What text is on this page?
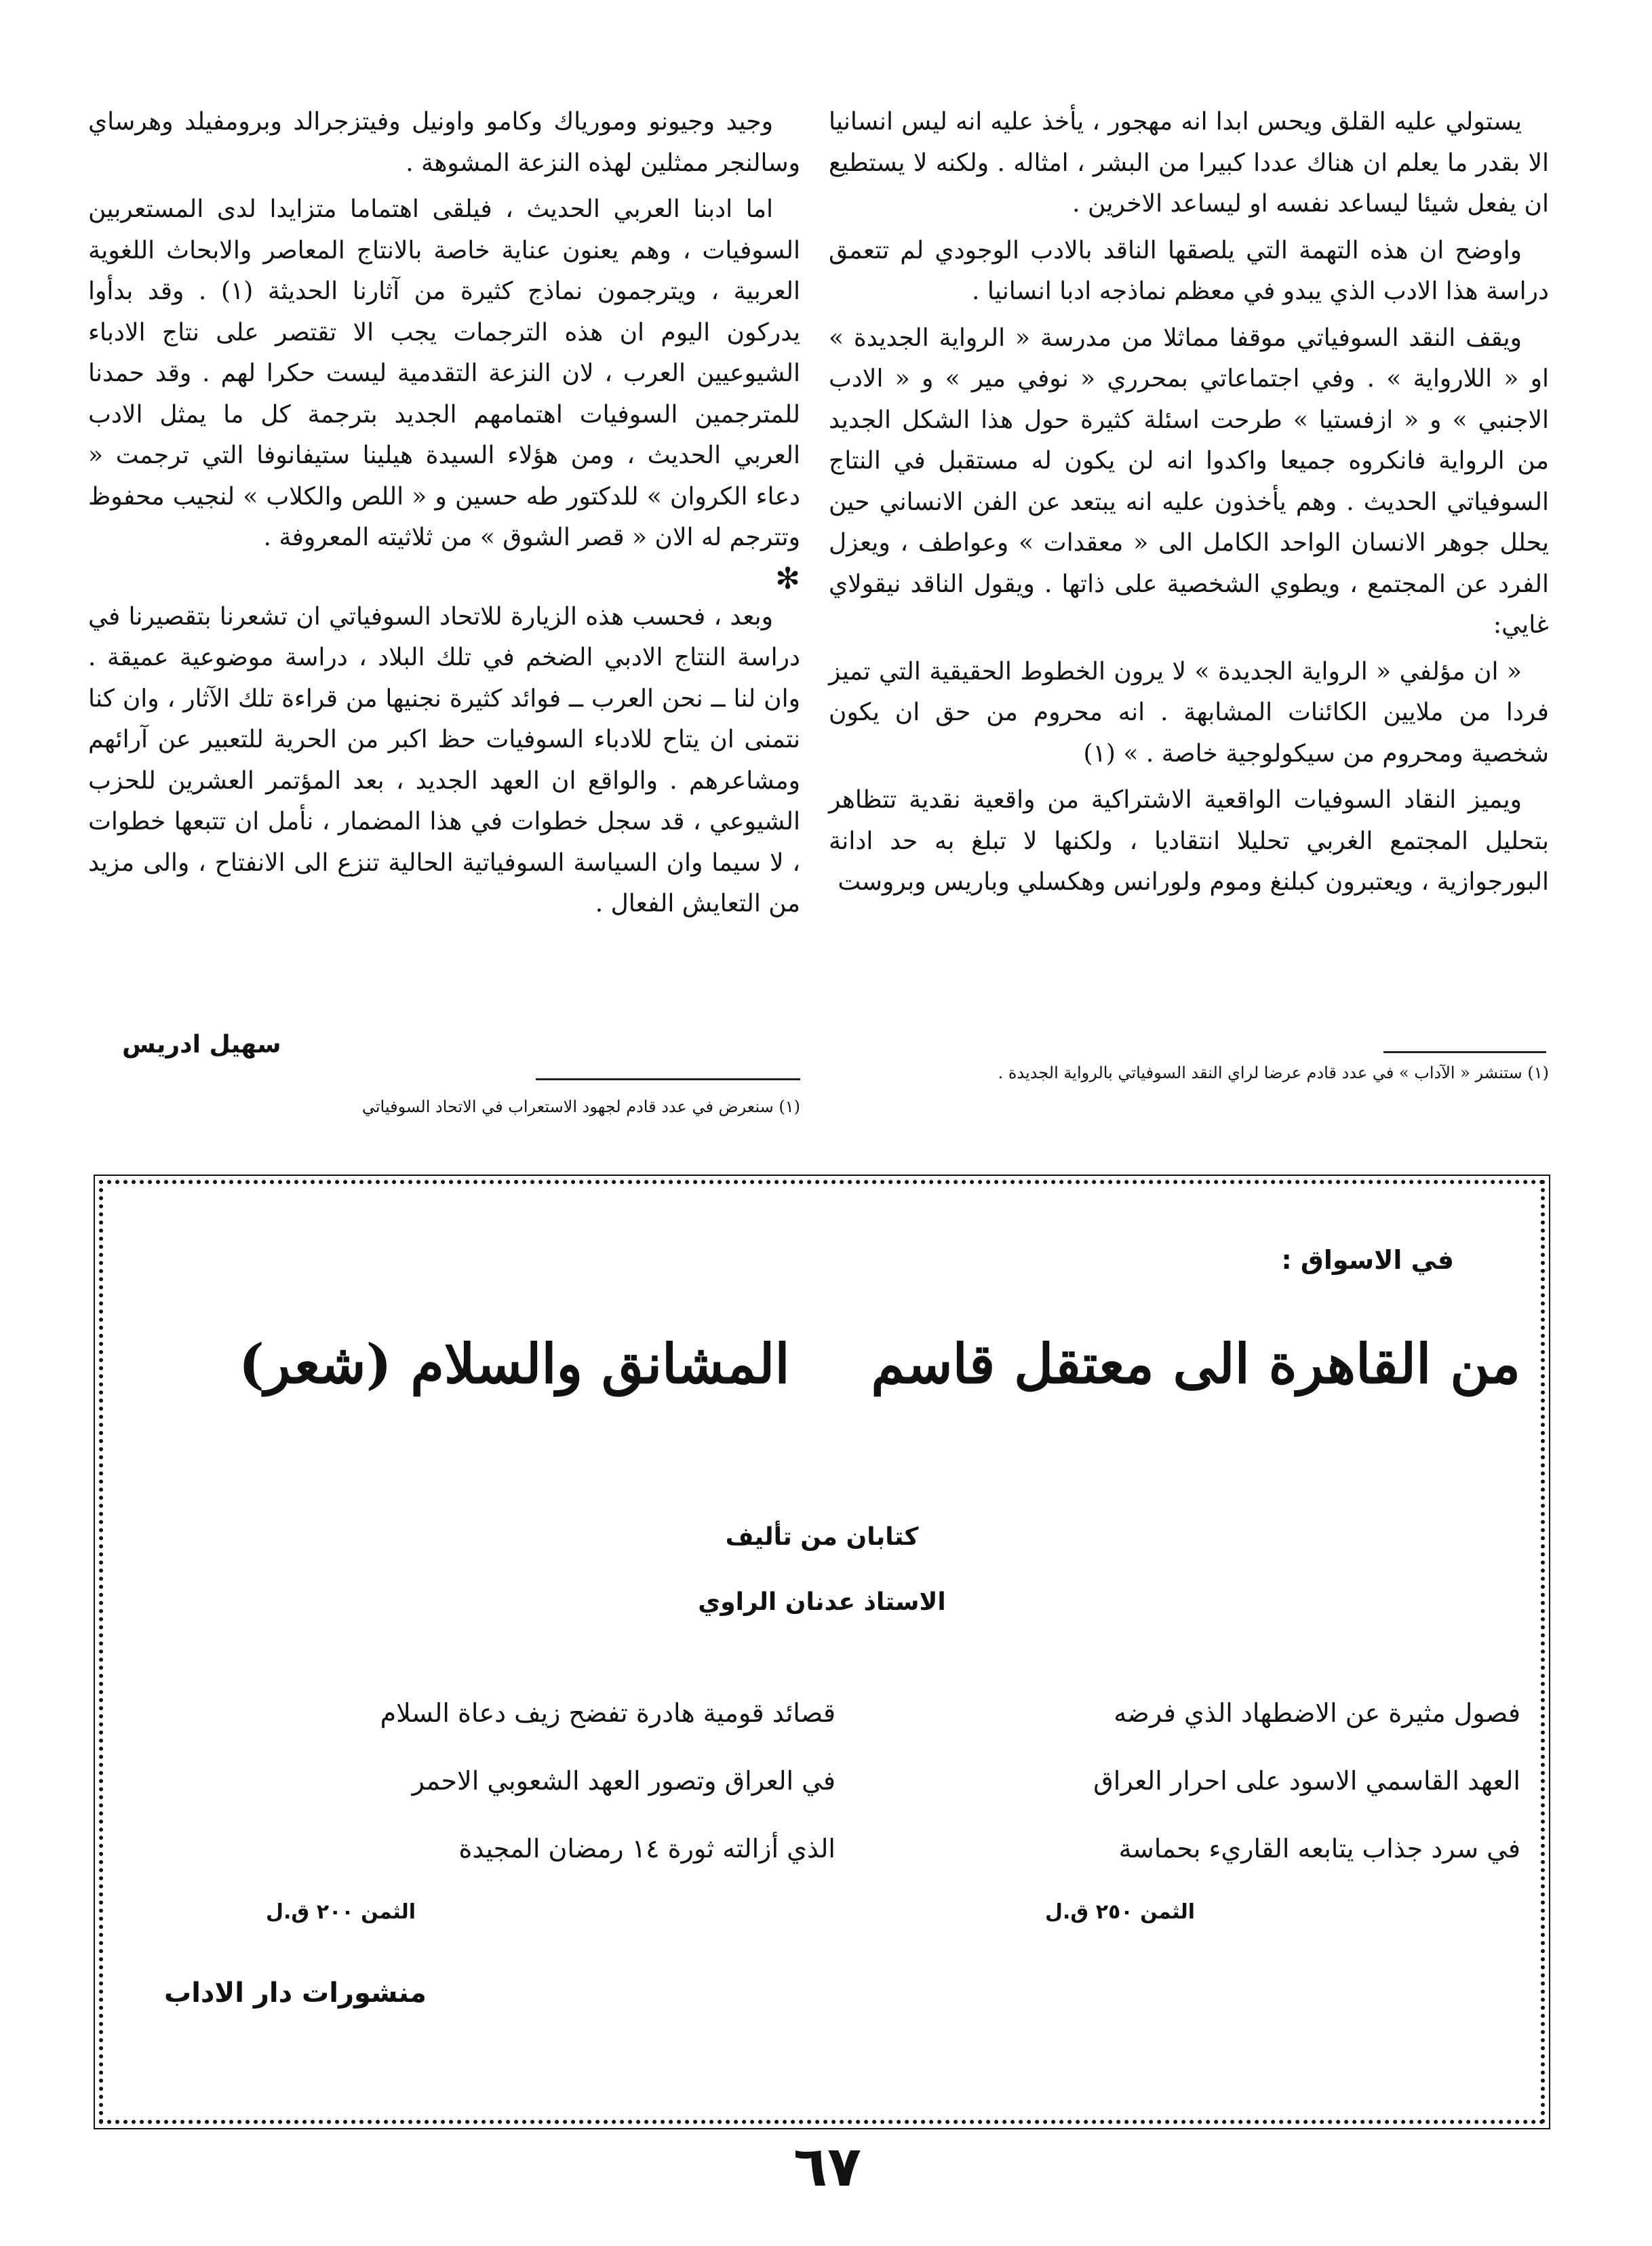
يستولي عليه القلق ويحس ابدا انه مهجور ، يأخذ عليه انه ليس انسانيا الا بقدر ما يعلم ان هناك عددا كبيرا من البشر ، امثاله . ولكنه لا يستطيع ان يفعل شيئا ليساعد نفسه او ليساعد الاخرين .

واوضح ان هذه التهمة التي يلصقها الناقد بالادب الوجودي لم تتعمق دراسة هذا الادب الذي يبدو في معظم نماذجه ادبا انسانيا .

ويقف النقد السوفياتي موقفا مماثلا من مدرسة « الرواية الجديدة » او « اللارواية » . وفي اجتماعاتي بمحرري « نوفي مير » و « الادب الاجنبي » و « ازفستيا » طرحت اسئلة كثيرة حول هذا الشكل الجديد من الرواية فانكروه جميعا واكدوا انه لن يكون له مستقبل في النتاج السوفياتي الحديث . وهم يأخذون عليه انه يبتعد عن الفن الانساني حين يحلل جوهر الانسان الواحد الكامل الى « معقدات » وعواطف ، ويعزل الفرد عن المجتمع ، ويطوي الشخصية على ذاتها . ويقول الناقد نيقولاي غايي:

« ان مؤلفي « الرواية الجديدة » لا يرون الخطوط الحقيقية التي تميز فردا من ملايين الكائنات المشابهة . انه محروم من حق ان يكون شخصية ومحروم من سيكولوجية خاصة . » (١)

ويميز النقاد السوفيات الواقعية الاشتراكية من واقعية نقدية تتظاهر بتحليل المجتمع الغربي تحليلا انتقاديا ، ولكنها لا تبلغ به حد ادانة البورجوازية ، ويعتبرون كبلنغ وموم ولورانس وهكسلي وباريس وبروست

وجيد وجيونو ومورياك وكامو واونيل وفيتزجرالد وبرومفيلد وهرساي وسالنجر ممثلين لهذه النزعة المشوهة .

اما ادبنا العربي الحديث ، فيلقى اهتماما متزايدا لدى المستعربين السوفيات ، وهم يعنون عناية خاصة بالانتاج المعاصر والابحاث اللغوية العربية ، ويترجمون نماذج كثيرة من آثارنا الحديثة (١) . وقد بدأوا يدركون اليوم ان هذه الترجمات يجب الا تقتصر على نتاج الادباء الشيوعيين العرب ، لان النزعة التقدمية ليست حكرا لهم . وقد حمدنا للمترجمين السوفيات اهتمامهم الجديد بترجمة كل ما يمثل الادب العربي الحديث ، ومن هؤلاء السيدة هيلينا ستيفانوفا التي ترجمت « دعاء الكروان » للدكتور طه حسين و « اللص والكلاب » لنجيب محفوظ وتترجم له الان « قصر الشوق » من ثلاثيته المعروفة .

✻

وبعد ، فحسب هذه الزيارة للاتحاد السوفياتي ان تشعرنا بتقصيرنا في دراسة النتاج الادبي الضخم في تلك البلاد ، دراسة موضوعية عميقة . وان لنا ــ نحن العرب ــ فوائد كثيرة نجنيها من قراءة تلك الآثار ، وان كنا نتمنى ان يتاح للادباء السوفيات حظ اكبر من الحرية للتعبير عن آرائهم ومشاعرهم . والواقع ان العهد الجديد ، بعد المؤتمر العشرين للحزب الشيوعي ، قد سجل خطوات في هذا المضمار ، نأمل ان تتبعها خطوات ، لا سيما وان السياسة السوفياتية الحالية تنزع الى الانفتاح ، والى مزيد من التعايش الفعال .

سهيل ادريس
(١) ستنشر « الآداب » في عدد قادم عرضا لراي النقد السوفياتي بالرواية الجديدة .
(١) سنعرض في عدد قادم لجهود الاستعراب في الاتحاد السوفياتي
في الاسواق :
من القاهرة الى معتقل قاسم
المشانق والسلام (شعر)
كتابان من تأليف
الاستاذ عدنان الراوي
فصول مثيرة عن الاضطهاد الذي فرضه
العهد القاسمي الاسود على احرار العراق
في سرد جذاب يتابعه القاريء بحماسة
قصائد قومية هادرة تفضح زيف دعاة السلام
في العراق وتصور العهد الشعوبي الاحمر
الذي أزالته ثورة ١٤ رمضان المجيدة
الثمن ٢٥٠ ق.ل
الثمن ٢٠٠ ق.ل
منشورات دار الاداب
٦٧
